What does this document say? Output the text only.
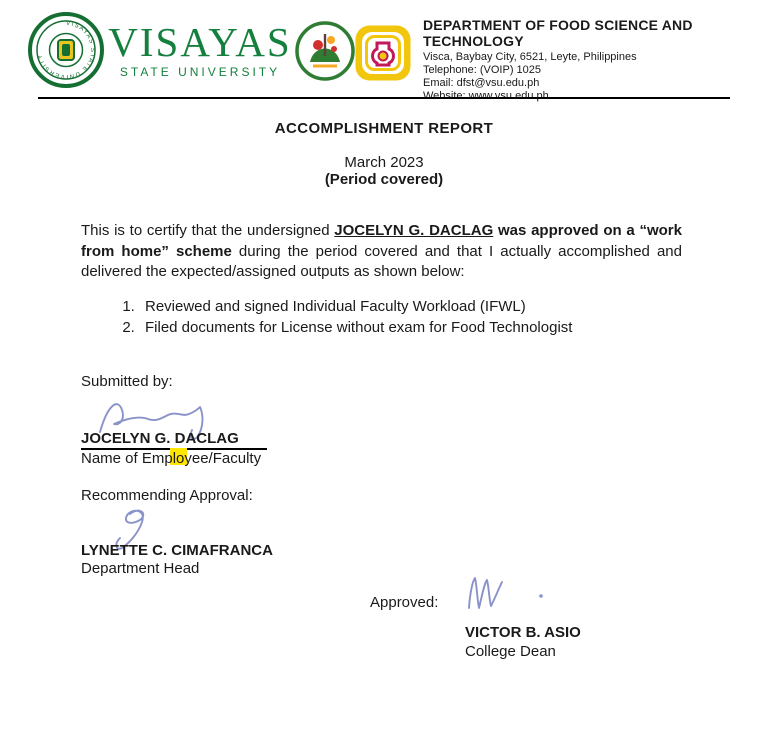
VISAYAS STATE UNIVERSITY	VISAYAS
STATE UNIVERSITY
DEPARTMENT OF FOOD SCIENCE AND TECHNOLOGY
Visca, Baybay City, 6521, Leyte, Philippines
Telephone: (VOIP) 1025
Email: dfst@vsu.edu.ph
Website: www.vsu.edu.ph
ACCOMPLISHMENT REPORT
March 2023
(Period covered)

This is to certify that the undersigned JOCELYN G. DACLAG was approved on a “work from home” scheme during the period covered and that I actually accomplished and delivered the expected/assigned outputs as shown below:

1. Reviewed and signed Individual Faculty Workload (IFWL)
2. Filed documents for License without exam for Food Technologist
Submitted by:
JOCELYN G. DACLAG
Name of Employee/Faculty
Recommending Approval:
LYNETTE C. CIMAFRANCA
Department Head
Approved:
VICTOR B. ASIO
College Dean
